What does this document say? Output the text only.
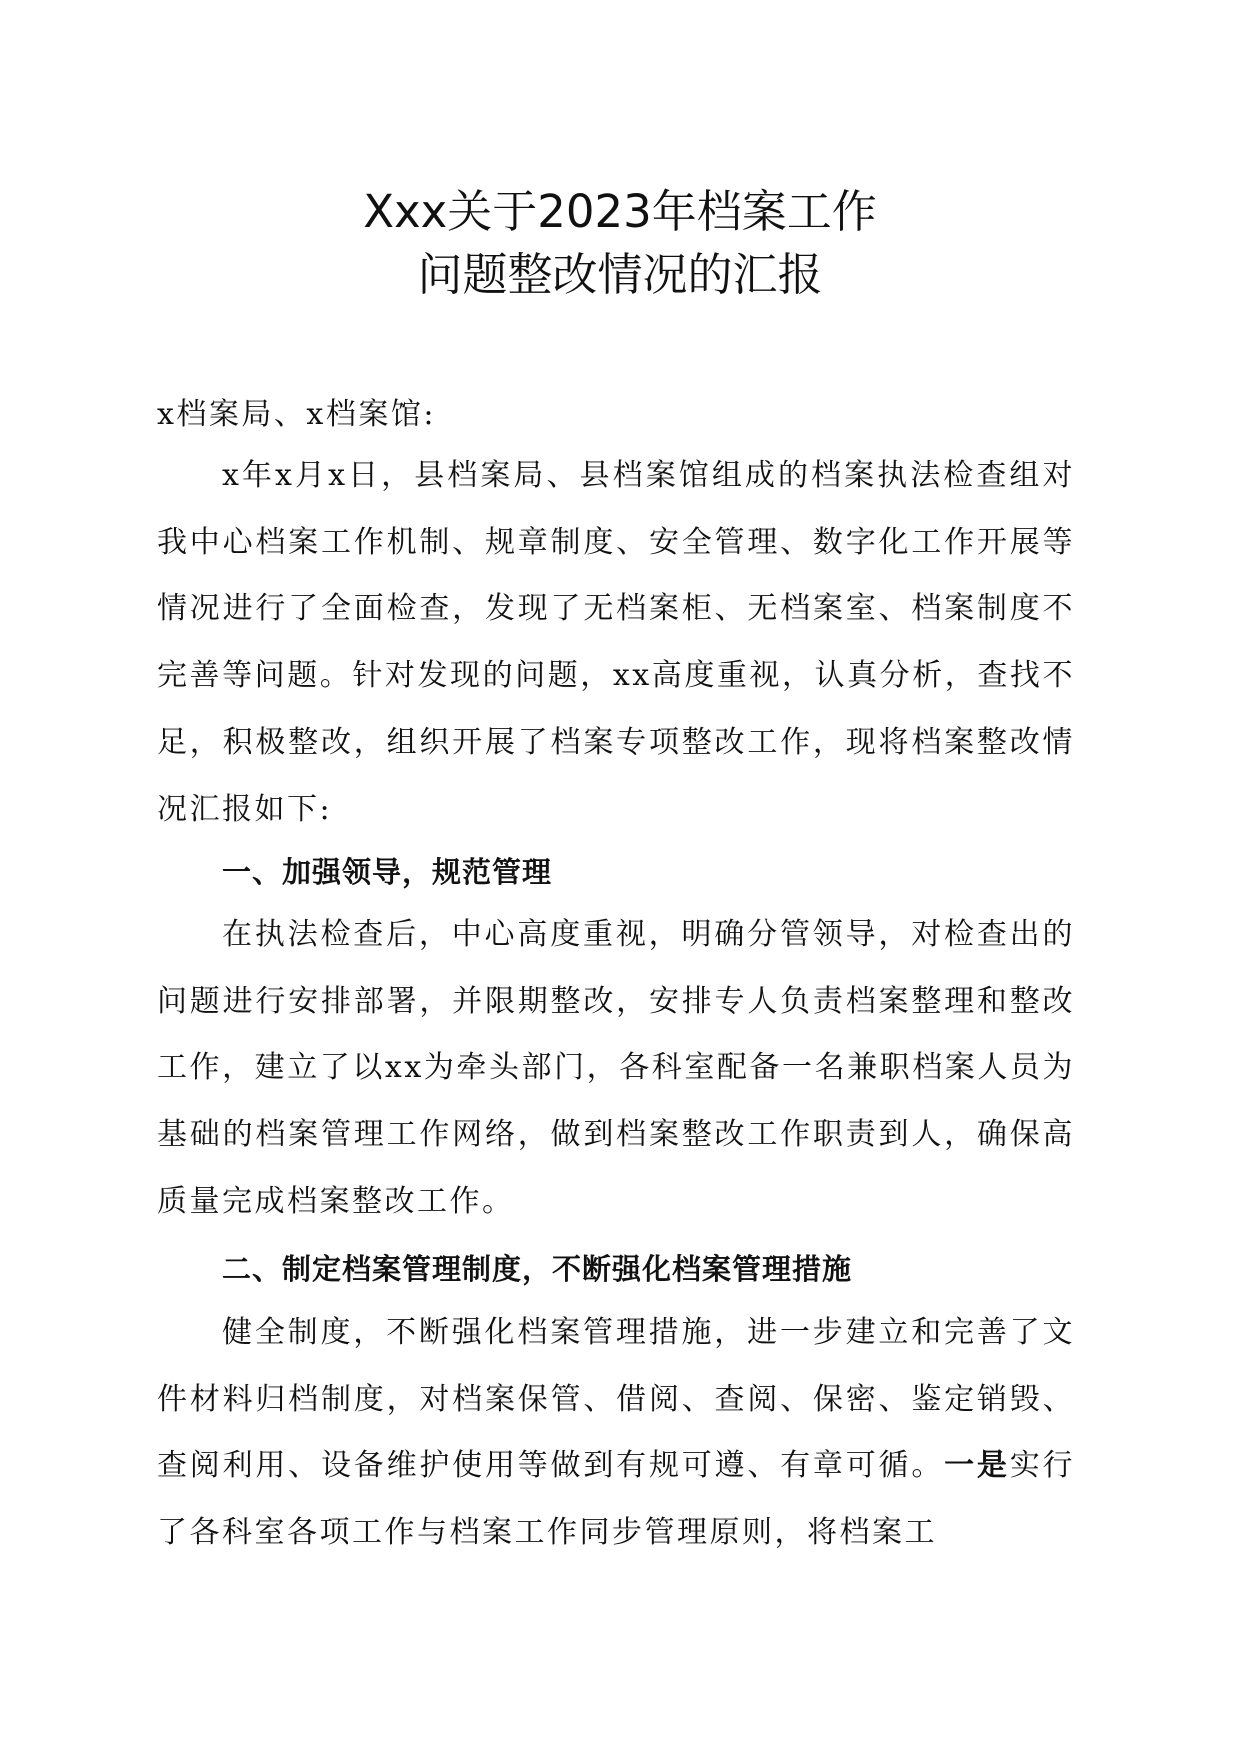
Xxx关于2023年档案工作
问题整改情况的汇报

x档案局、x档案馆:

x年x月x日，县档案局、县档案馆组成的档案执法检查组对我中心档案工作机制、规章制度、安全管理、数字化工作开展等情况进行了全面检查，发现了无档案柜、无档案室、档案制度不完善等问题。针对发现的问题，xx高度重视，认真分析，查找不足，积极整改，组织开展了档案专项整改工作，现将档案整改情况汇报如下:

一、加强领导，规范管理

在执法检查后，中心高度重视，明确分管领导，对检查出的问题进行安排部署，并限期整改，安排专人负责档案整理和整改工作，建立了以xx为牵头部门，各科室配备一名兼职档案人员为基础的档案管理工作网络，做到档案整改工作职责到人，确保高质量完成档案整改工作。

二、制定档案管理制度，不断强化档案管理措施

健全制度，不断强化档案管理措施，进一步建立和完善了文件材料归档制度，对档案保管、借阅、查阅、保密、鉴定销毁、查阅利用、设备维护使用等做到有规可遵、有章可循。一是实行了各科室各项工作与档案工作同步管理原则，将档案工
